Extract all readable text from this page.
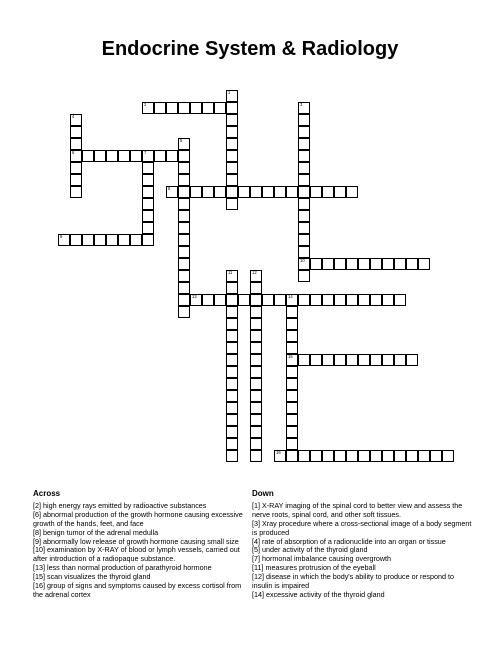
Endocrine System & Radiology
1
2	3
10
4
6
5
7
8
9
11	12
13	14
15
16
Across

[2] high energy rays emitted by radioactive substances

[6] abnormal production of the growth hormone causing excessive growth of the hands, feet, and face

[8] benign tumor of the adrenal medulla

[9] abnormally low release of growth hormone causing small size

[10] examination by X-RAY of blood or lymph vessels, carried out after introduction of a radiopaque substance.

[13] less than normal production of parathyroid hormone

[15] scan visualizes the thyroid gland

[16] group of signs and symptoms caused by excess cortisol from the adrenal cortex

Down

[1] X-RAY imaging of the spinal cord to better view and assess the nerve roots, spinal cord, and other soft tissues.

[3] Xray procedure where a cross-sectional image of a body segment is produced

[4] rate of absorption of a radionuclide into an organ or tissue

[5] under activity of the thyroid gland

[7] hormonal imbalance causing overgrowth

[11] measures protrusion of the eyeball

[12] disease in which the body's ability to produce or respond to insulin is impaired

[14] excessive activity of the thyroid gland
